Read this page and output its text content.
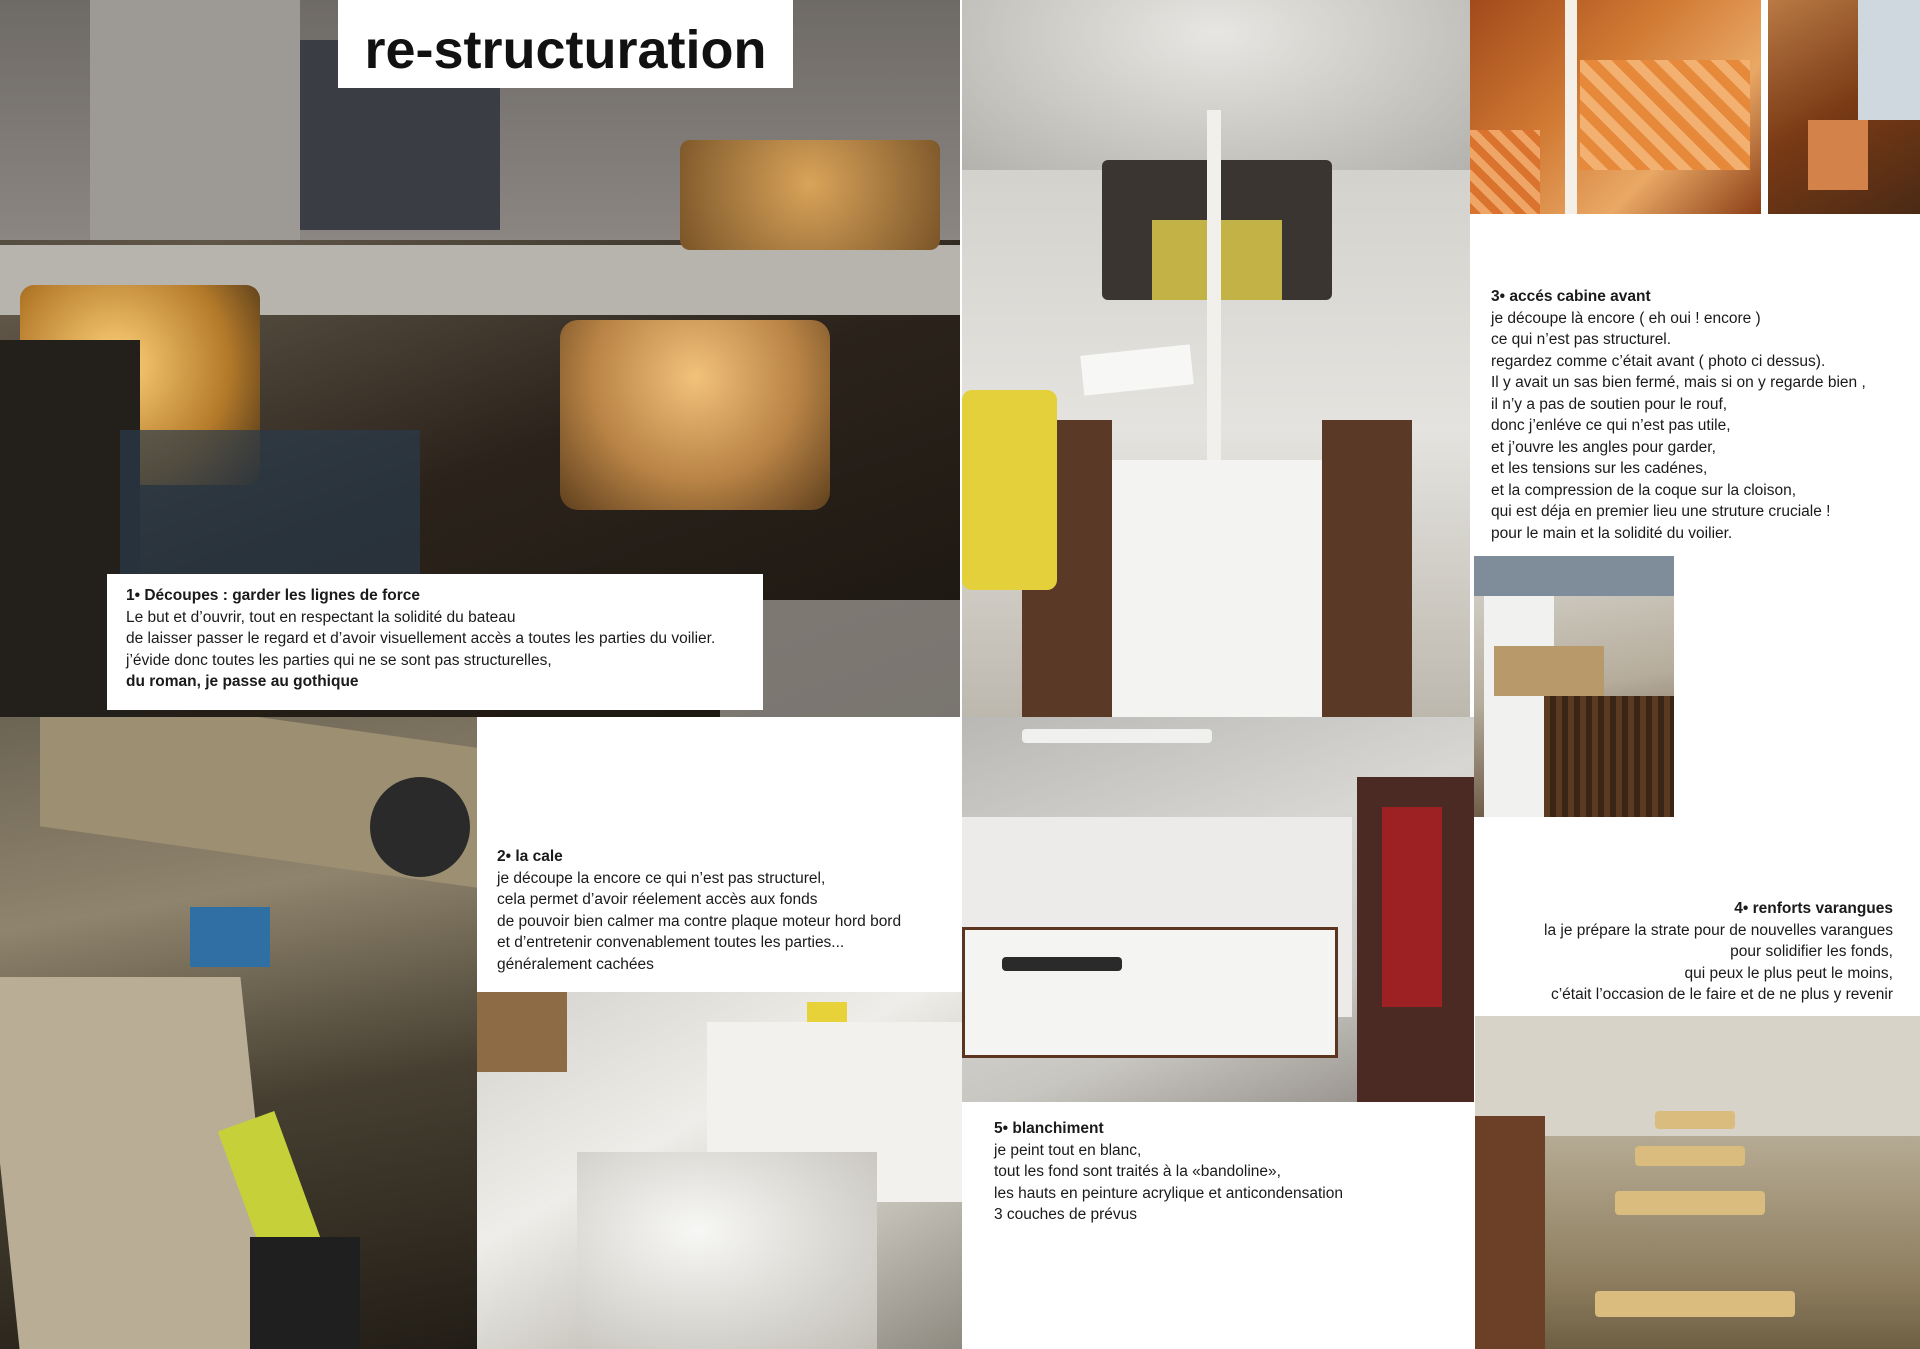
re-structuration
1• Découpes : garder les lignes de force
Le but et d’ouvrir, tout en respectant la solidité du bateau
de laisser passer le regard et d’avoir visuellement accès a toutes les parties du voilier.
j’évide donc toutes les parties qui ne se sont pas structurelles,
du roman, je passe au gothique
2• la cale
je découpe la encore ce qui n’est pas structurel,
cela permet d’avoir réelement accès aux fonds
de pouvoir bien calmer ma contre plaque moteur hord bord
et d’entretenir convenablement toutes les parties...
généralement cachées
3• accés cabine avant
je découpe là encore ( eh oui ! encore )
ce qui n’est pas structurel.
regardez comme c’était avant ( photo ci dessus).
Il y avait un sas bien fermé, mais si on y regarde bien ,
il n’y a pas de soutien pour le rouf,
donc j’enléve ce qui n’est pas utile,
et j’ouvre les angles pour garder,
et les tensions sur les cadénes,
et la compression de la coque sur la cloison,
qui est déja en premier lieu une struture cruciale !
pour le main et la solidité du voilier.
4• renforts varangues
la je prépare la strate pour de nouvelles varangues
pour solidifier les fonds,
qui peux le plus peut le moins,
c’était l’occasion de le faire et de ne plus y revenir
5• blanchiment
je peint tout en blanc,
tout les fond sont traités à la «bandoline»,
les hauts en peinture acrylique et anticondensation
3 couches de prévus
